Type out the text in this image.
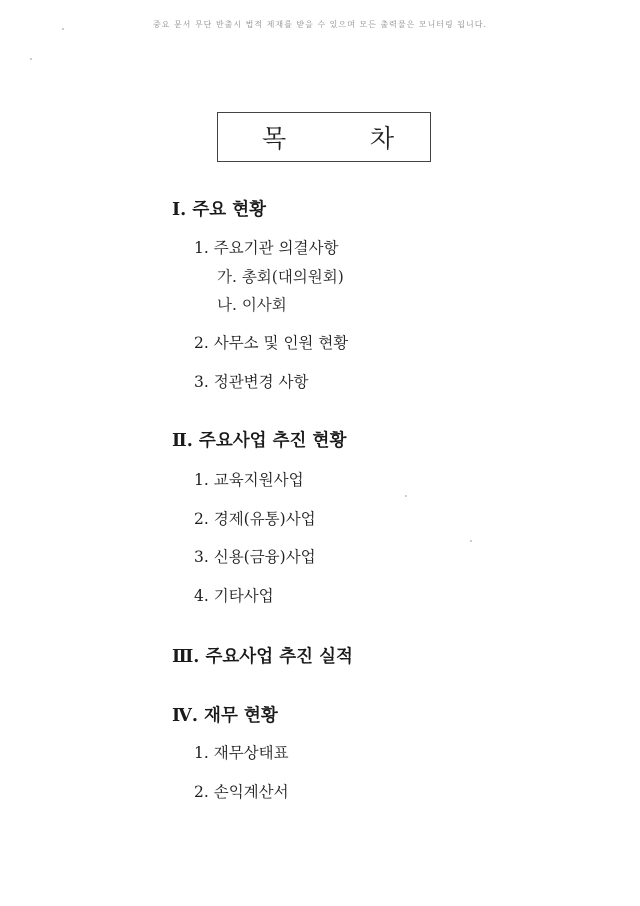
중요 문서 무단 반출시 법적 제재를 받을 수 있으며 모든 출력물은 모니터링 됩니다.
목	차
Ⅰ. 주요 현황
1. 주요기관 의결사항
가. 총회(대의원회)
나. 이사회
2. 사무소 및 인원 현황
3. 정관변경 사항
Ⅱ. 주요사업 추진 현황
1. 교육지원사업
2. 경제(유통)사업
3. 신용(금융)사업
4. 기타사업
Ⅲ. 주요사업 추진 실적
Ⅳ. 재무 현황
1. 재무상태표
2. 손익계산서
